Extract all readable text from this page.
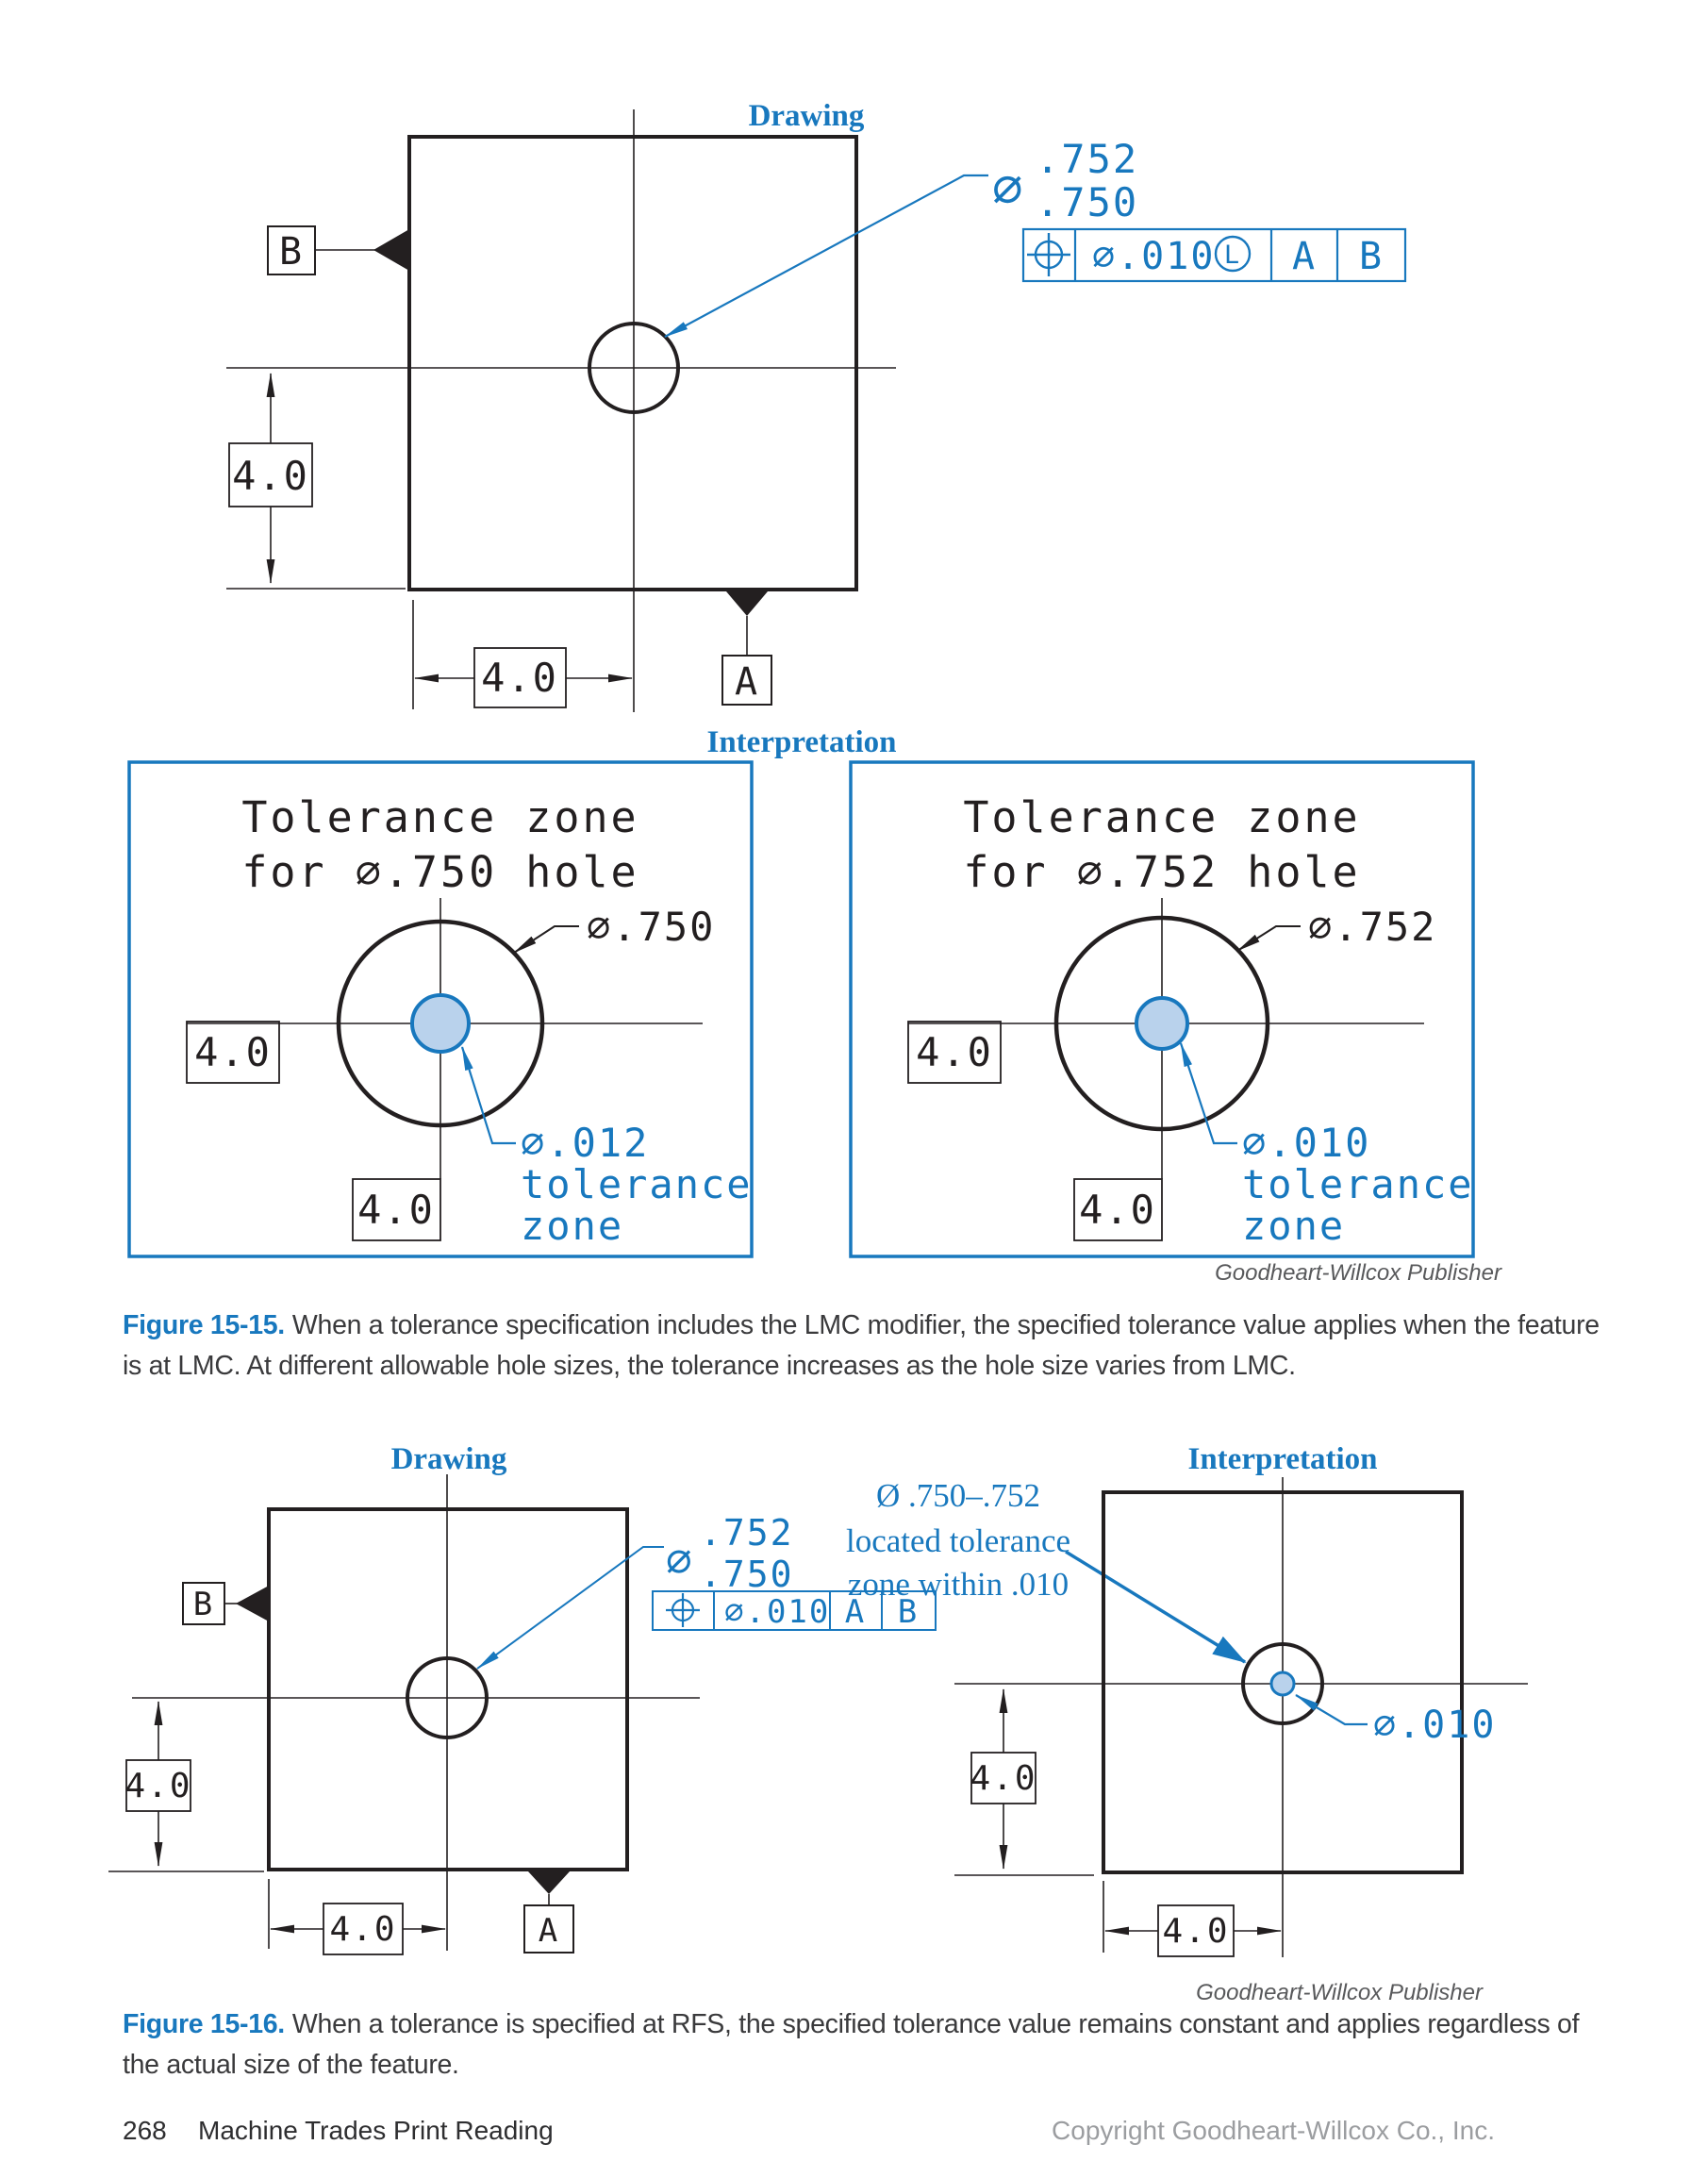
Drawing
B
4.0
4.0	A
∅ .752
.750
∅.010 L A B
Interpretation
Tolerance zone
for ∅.750 hole
4.0
∅.750
∅.012
tolerance
zone
4.0
Tolerance zone
for ∅.752 hole
4.0
∅.752
∅.010
tolerance
zone
4.0
Goodheart-Willcox Publisher
Figure 15-15. When a tolerance specification includes the LMC modifier, the specified tolerance value applies when the feature
is at LMC. At different allowable hole sizes, the tolerance increases as the hole size varies from LMC.
Drawing
B
4.0
4.0	A
∅
.752
.750
∅.010 A B
Ø .750–.752
located tolerance
zone within .010
Interpretation
4.0
∅.010
4.0
Goodheart-Willcox Publisher
Figure 15-16. When a tolerance is specified at RFS, the specified tolerance value remains constant and applies regardless of
the actual size of the feature.
268 Machine Trades Print Reading	Copyright Goodheart-Willcox Co., Inc.
